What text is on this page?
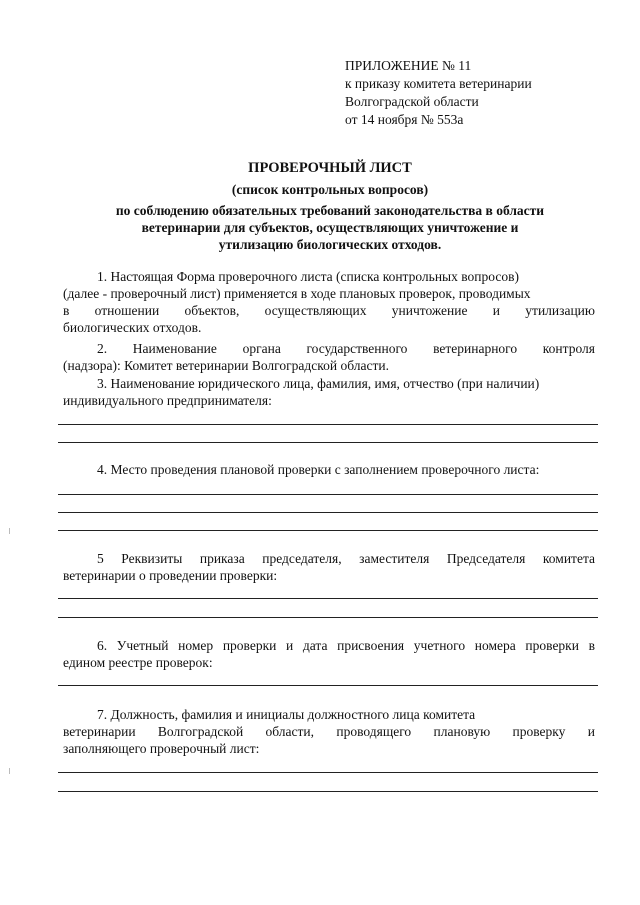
ПРИЛОЖЕНИЕ № 11
к приказу комитета ветеринарии
Волгоградской области
от 14 ноября № 553а
ПРОВЕРОЧНЫЙ ЛИСТ
(список контрольных вопросов)
по соблюдению обязательных требований законодательства в области
ветеринарии для субъектов, осуществляющих уничтожение и
утилизацию биологических отходов.
1. Настоящая Форма проверочного листа (списка контрольных вопросов)
(далее - проверочный лист) применяется в ходе плановых проверок, проводимых
в отношении объектов, осуществляющих уничтожение и утилизацию
биологических отходов.
2. Наименование органа государственного ветеринарного контроля
(надзора): Комитет ветеринарии Волгоградской области.
3. Наименование юридического лица, фамилия, имя, отчество (при наличии)
индивидуального предпринимателя:
4. Место проведения плановой проверки с заполнением проверочного листа:
5 Реквизиты приказа председателя, заместителя Председателя комитета
ветеринарии о проведении проверки:
6. Учетный номер проверки и дата присвоения учетного номера проверки в
едином реестре проверок:
7. Должность, фамилия и инициалы должностного лица комитета
ветеринарии Волгоградской области, проводящего плановую проверку и
заполняющего проверочный лист:
